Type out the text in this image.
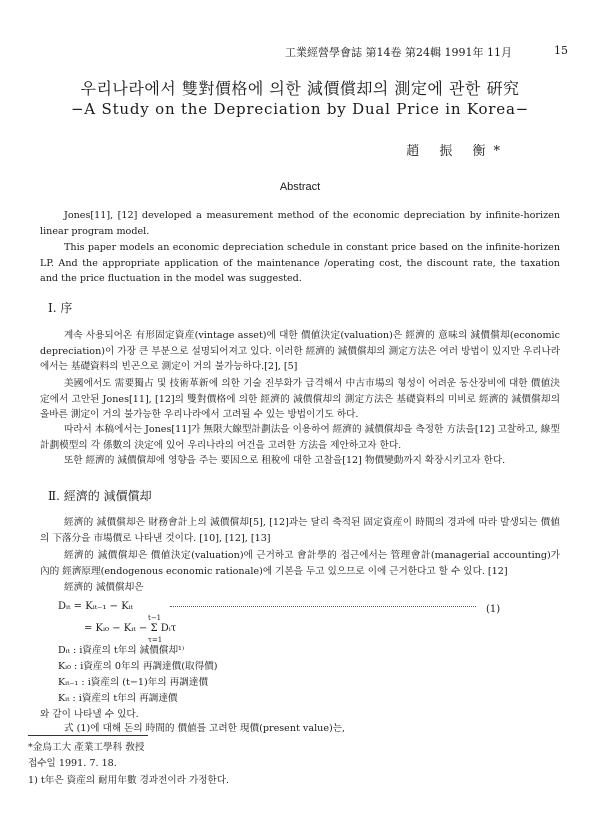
工業經營學會誌 第14卷 第24輯 1991年 11月	15
우리나라에서 雙對價格에 의한 減價償却의 測定에 관한 硏究
−A Study on the Depreciation by Dual Price in Korea−
趙 振 衡*
Abstract
Jones[11], [12] developed a measurement method of the economic depreciation by infinite-horizen linear program model.
This paper models an economic depreciation schedule in constant price based on the infinite-horizen LP. And the appropriate application of the maintenance /operating cost, the discount rate, the taxation and the price fluctuation in the model was suggested.
Ⅰ. 序
계속 사용되어온 有形固定資産(vintage asset)에 대한 價値決定(valuation)은 經濟的 意味의 減價償却(economic depreciation)이 가장 큰 부분으로 설명되어져고 있다. 이러한 經濟的 減價償却의 測定方法은 여러 방법이 있지만 우리나라에서는 基礎資料의 빈곤으로 測定이 거의 불가능하다.[2], [5]
美國에서도 需要獨占 및 技術革新에 의한 기술 진부화가 급격해서 中古市場의 형성이 어려운 동산장비에 대한 價値決定에서 고안된 Jones[11], [12]의 雙對價格에 의한 經濟的 減價償却의 測定方法은 基礎資料의 미비로 經濟的 減價償却의 올바른 測定이 거의 불가능한 우리나라에서 고려될 수 있는 방법이기도 하다.
따라서 本稿에서는 Jones[11]가 無限大線型計劃法을 이용하여 經濟的 減價償却을 측정한 方法을[12] 고찰하고, 線型計劃模型의 각 係數의 決定에 있어 우리나라의 여건을 고려한 方法을 제안하고자 한다.
또한 經濟的 減價償却에 영향을 주는 要因으로 租稅에 대한 고찰을[12] 物價變動까지 확장시키고자 한다.
Ⅱ. 經濟的 減價償却
經濟的 減價償却은 財務會計上의 減價償却[5], [12]과는 달리 축적된 固定資産이 時間의 경과에 따라 발생되는 價値의 下落分을 市場價로 나타낸 것이다. [10], [12], [13]
經濟的 減價償却은 價値決定(valuation)에 근거하고 會計學的 접근에서는 管理會計(managerial accounting)가 內的 經濟原理(endogenous economic rationale)에 기본을 두고 있으므로 이에 근거한다고 할 수 있다. [12]
經濟的 減價償却은
Dᵢₜ = Kᵢₜ₋₁ − Kᵢₜ	(1)
= Kᵢ₀ − Kᵢₜ − Σ Dᵢτ
t−1
τ=1
Dᵢₜ : i資産의 t年의 減價償却¹⁾
Kᵢ₀ : i資産의 0年의 再調達價(取得價)
Kᵢₜ₋₁ : i資産의 (t−1)年의 再調達價
Kᵢₜ : i資産의 t年의 再調達價
와 같이 나타낼 수 있다.
式 (1)에 대해 돈의 時間的 價値를 고려한 現價(present value)는,
*金烏工大 產業工學科 敎授
접수일 1991. 7. 18.
1) t年은 資産의 耐用年數 경과전이라 가정한다.
